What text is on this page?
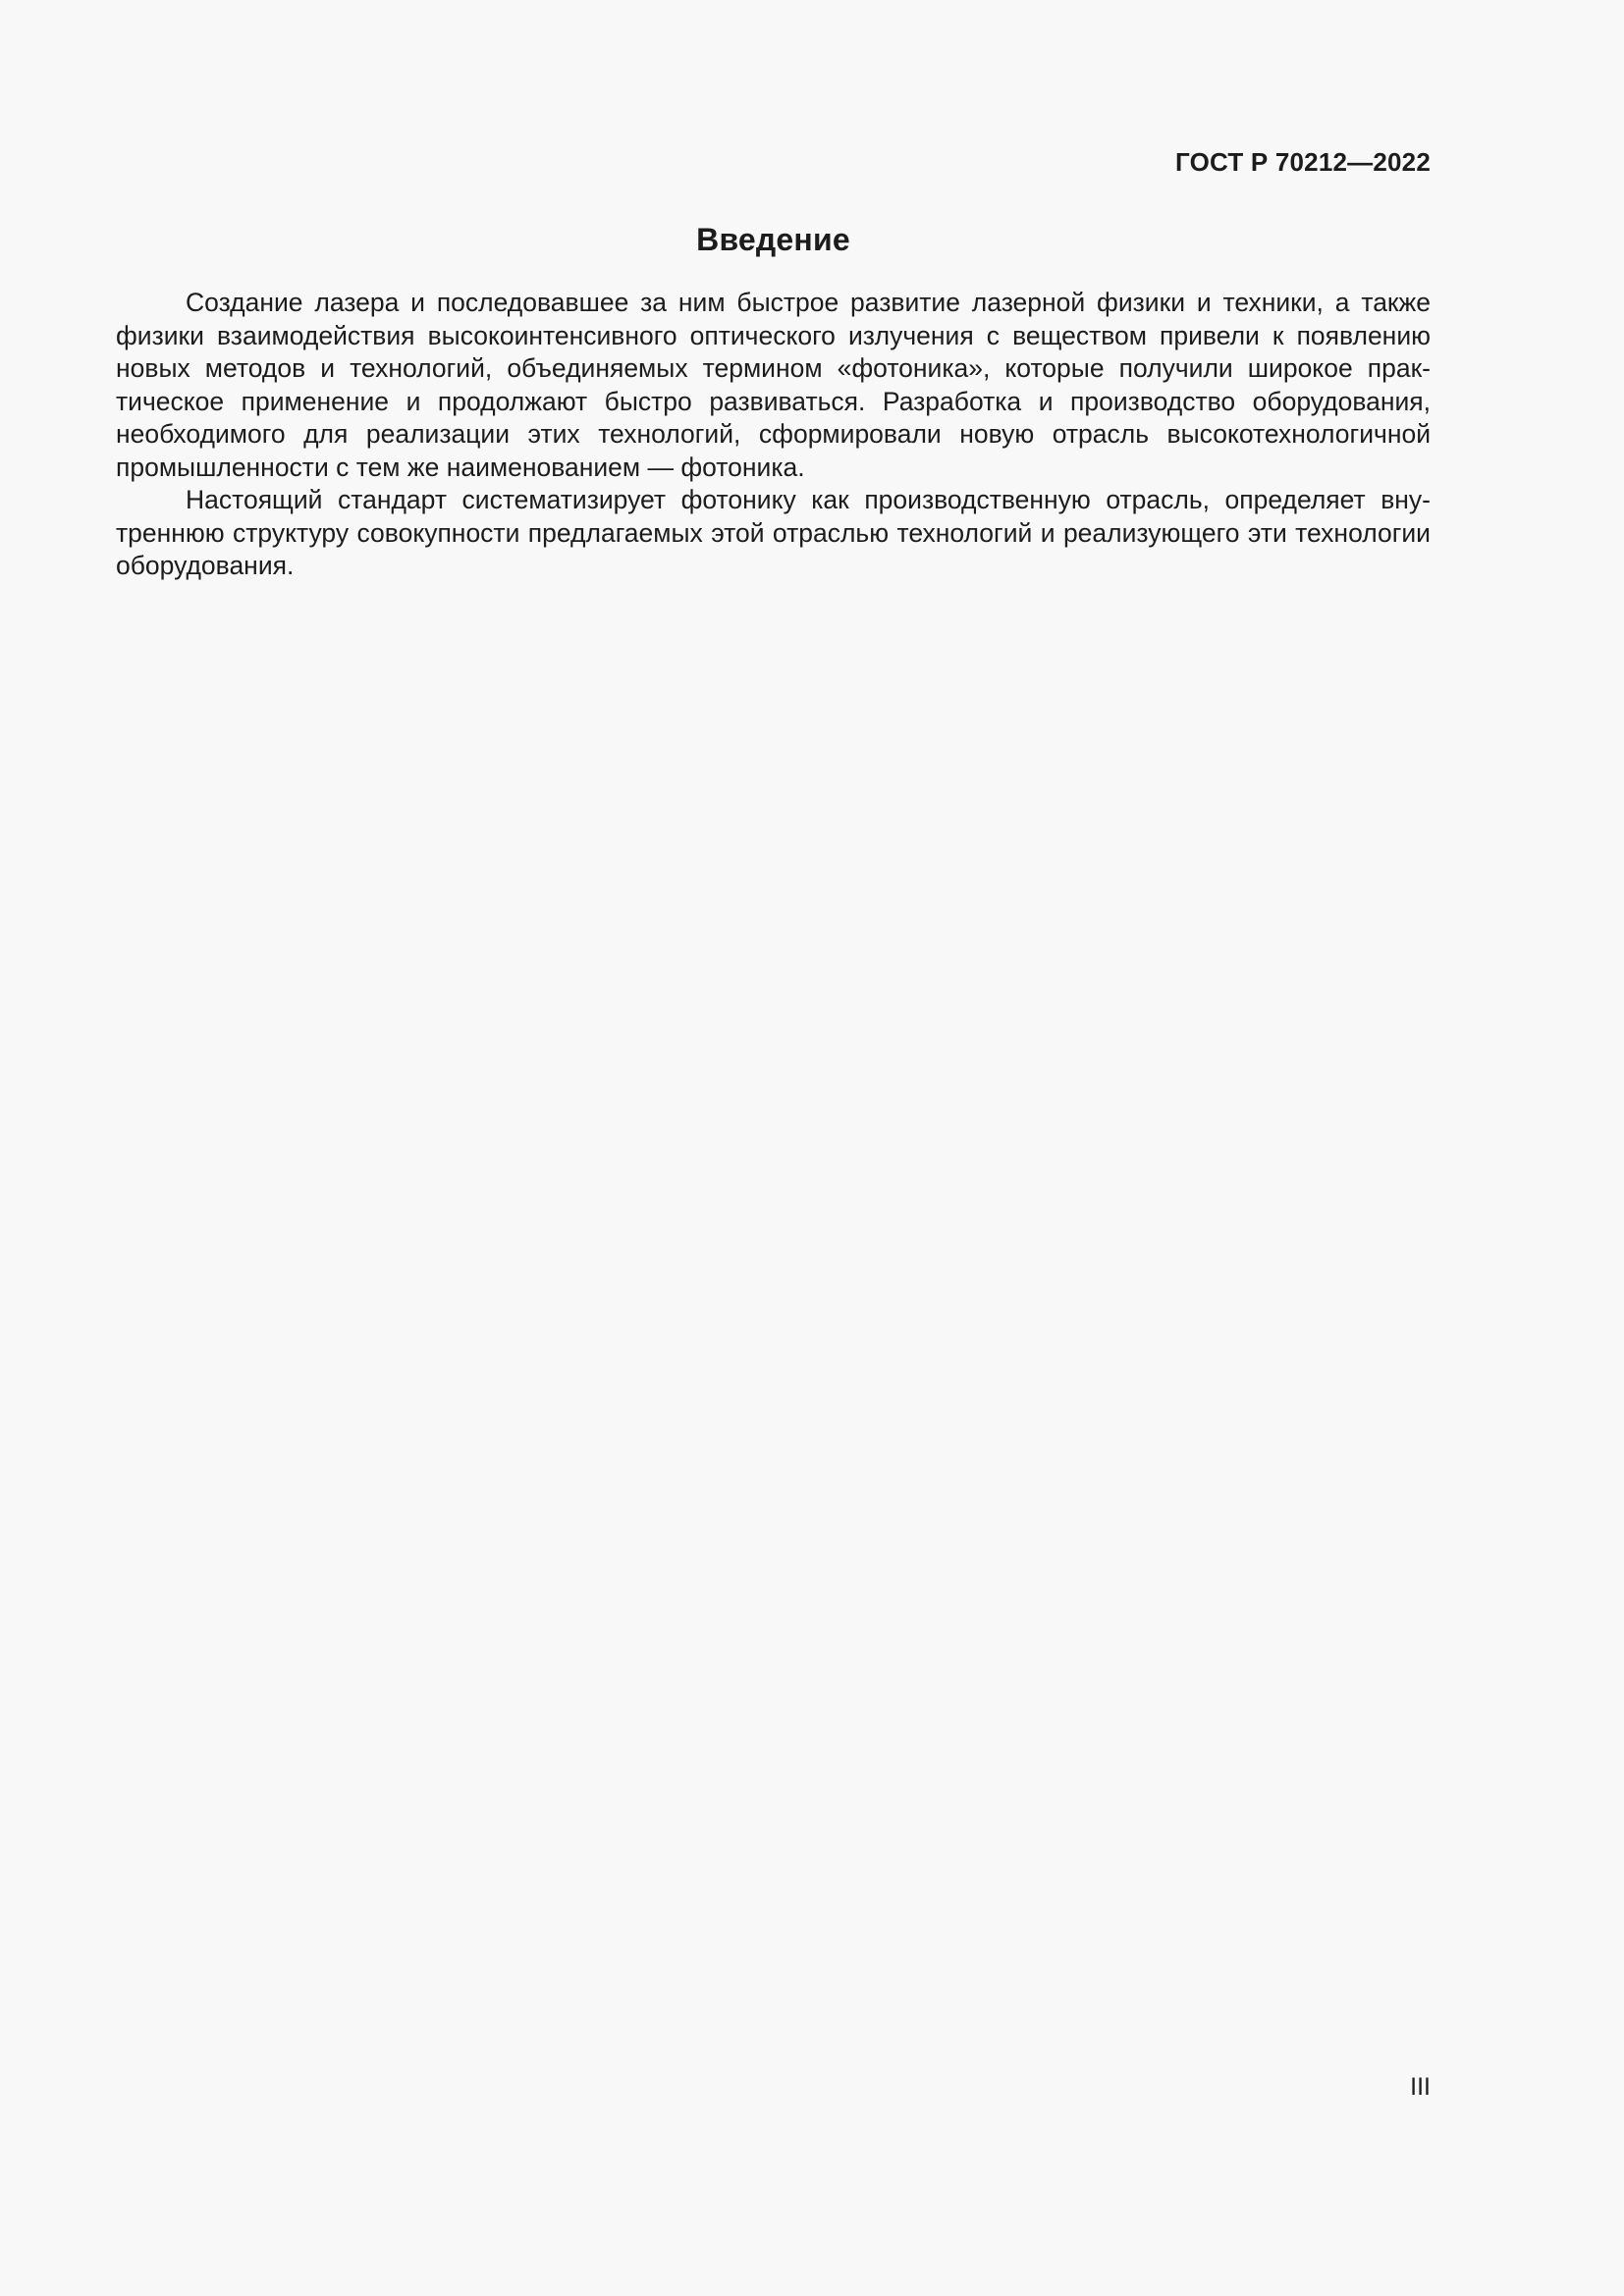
ГОСТ Р 70212—2022
Введение

Создание лазера и последовавшее за ним быстрое развитие лазерной физики и техники, а также физики взаимодействия высокоинтенсивного оптического излучения с веществом привели к появлению новых методов и технологий, объединяемых термином «фотоника», которые получили широкое практическое применение и продолжают быстро развиваться. Разработка и производство оборудования, необходимого для реализации этих технологий, сформировали новую отрасль высокотехнологичной промышленности с тем же наименованием — фотоника.

Настоящий стандарт систематизирует фотонику как производственную отрасль, определяет внутреннюю структуру совокупности предлагаемых этой отраслью технологий и реализующего эти технологии оборудования.

III
